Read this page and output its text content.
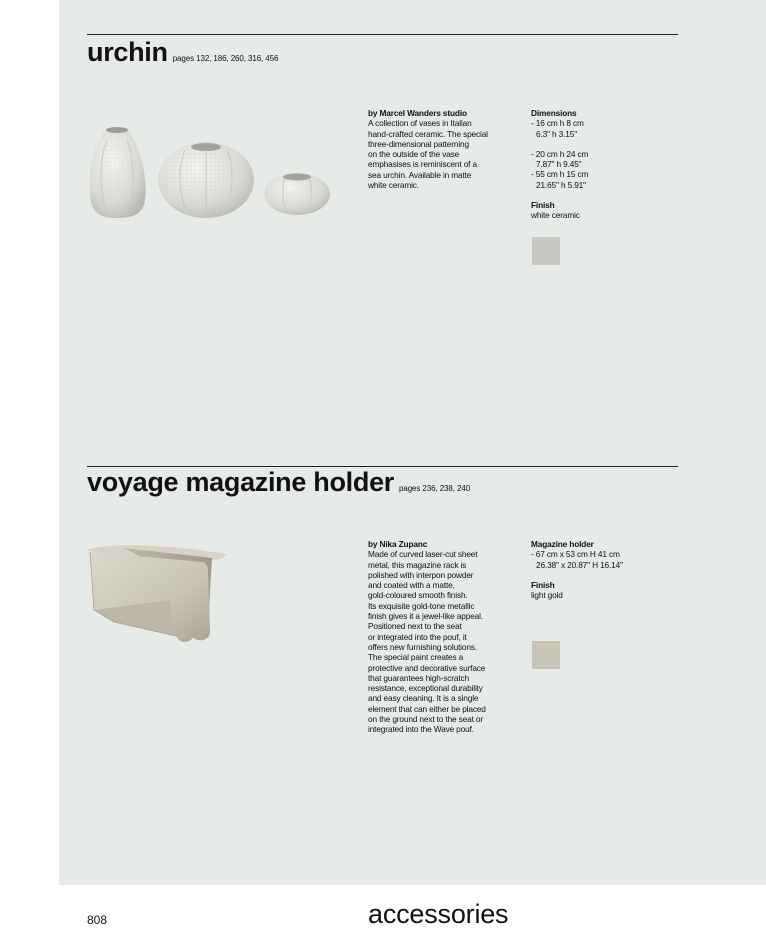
urchin pages 132, 186, 260, 316, 456
by Marcel Wanders studio
A collection of vases in Italian
hand-crafted ceramic. The special
three-dimensional patterning
on the outside of the vase
emphasises is reminiscent of a
sea urchin. Available in matte
white ceramic.
Dimensions
- 16 cm h 8 cm
6.3" h 3.15"
- 20 cm h 24 cm
7.87" h 9.45"
- 55 cm h 15 cm
21.65" h 5.91"
Finish
white ceramic
voyage magazine holder pages 236, 238, 240
by Nika Zupanc
Made of curved laser-cut sheet
metal, this magazine rack is
polished with interpon powder
and coated with a matte,
gold-coloured smooth finish.
Its exquisite gold-tone metallic
finish gives it a jewel-like appeal.
Positioned next to the seat
or integrated into the pouf, it
offers new furnishing solutions.
The special paint creates a
protective and decorative surface
that guarantees high-scratch
resistance, exceptional durability
and easy cleaning. It is a single
element that can either be placed
on the ground next to the seat or
integrated into the Wave pouf.
Magazine holder
- 67 cm x 53 cm H 41 cm
26.38" x 20.87" H 16.14"
Finish
light gold
808	accessories
